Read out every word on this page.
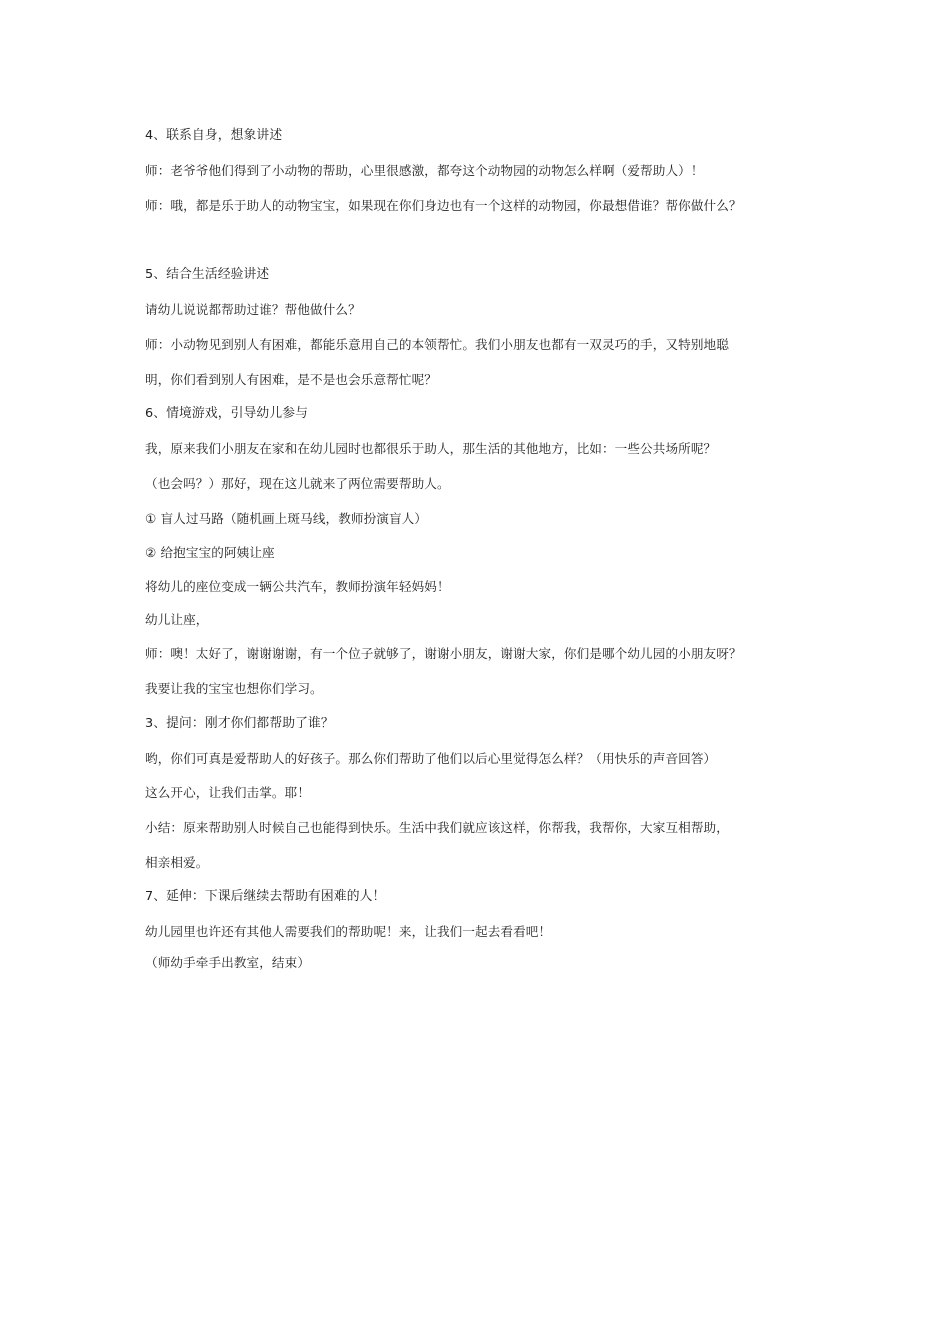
4、联系自身，想象讲述
师：老爷爷他们得到了小动物的帮助，心里很感激，都夸这个动物园的动物怎么样啊（爱帮助人）！
师：哦，都是乐于助人的动物宝宝，如果现在你们身边也有一个这样的动物园，你最想借谁？帮你做什么？
5、结合生活经验讲述
请幼儿说说都帮助过谁？帮他做什么？
师：小动物见到别人有困难，都能乐意用自己的本领帮忙。我们小朋友也都有一双灵巧的手，又特别地聪
明，你们看到别人有困难，是不是也会乐意帮忙呢？
6、情境游戏，引导幼儿参与
我，原来我们小朋友在家和在幼儿园时也都很乐于助人，那生活的其他地方，比如：一些公共场所呢？
（也会吗？）那好，现在这儿就来了两位需要帮助人。
① 盲人过马路（随机画上斑马线，教师扮演盲人）
② 给抱宝宝的阿姨让座
将幼儿的座位变成一辆公共汽车，教师扮演年轻妈妈！
幼儿让座，
师：噢！太好了，谢谢谢谢，有一个位子就够了，谢谢小朋友，谢谢大家，你们是哪个幼儿园的小朋友呀？
我要让我的宝宝也想你们学习。
3、提问：刚才你们都帮助了谁？
哟，你们可真是爱帮助人的好孩子。那么你们帮助了他们以后心里觉得怎么样？（用快乐的声音回答）
这么开心，让我们击掌。耶！
小结：原来帮助别人时候自己也能得到快乐。生活中我们就应该这样，你帮我，我帮你，大家互相帮助，
相亲相爱。
7、延伸：下课后继续去帮助有困难的人！
幼儿园里也许还有其他人需要我们的帮助呢！来，让我们一起去看看吧！
（师幼手牵手出教室，结束）
